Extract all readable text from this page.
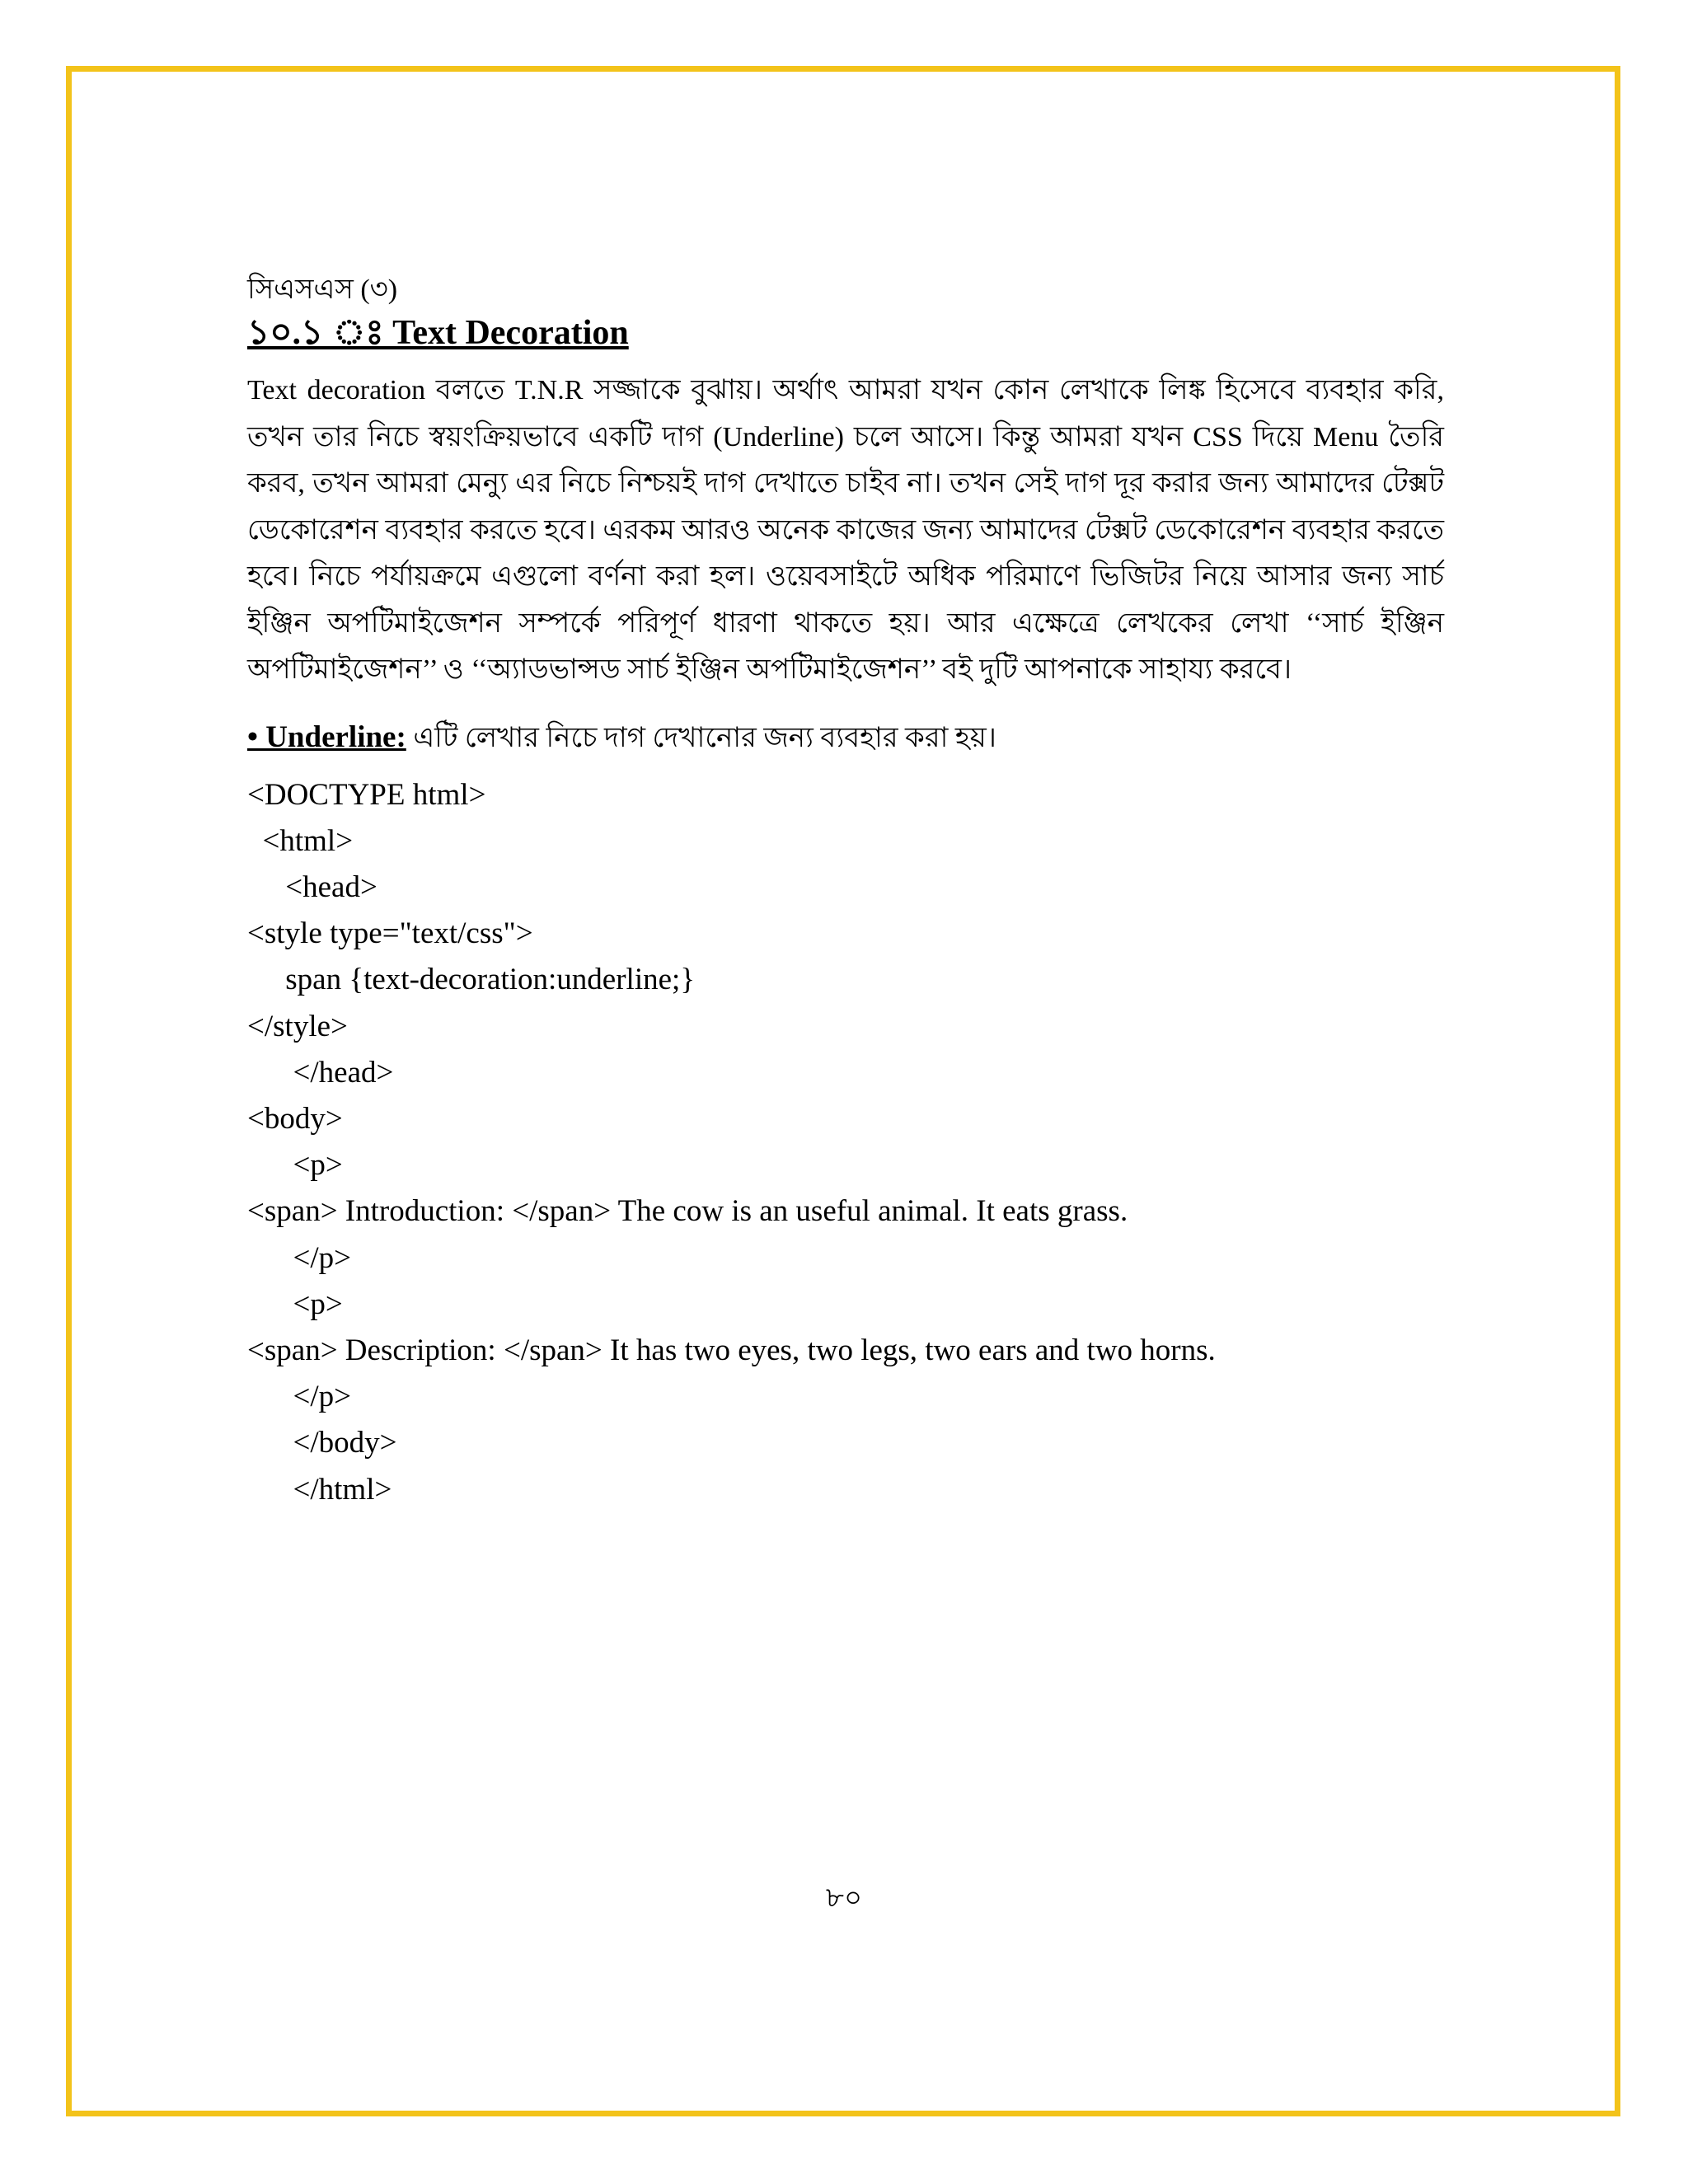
সিএসএস (৩)

১০.১ ঃ Text Decoration

Text decoration বলতে T.N.R সজ্জাকে বুঝায়। অর্থাৎ আমরা যখন কোন লেখাকে লিঙ্ক হিসেবে ব্যবহার করি, তখন তার নিচে স্বয়ংক্রিয়ভাবে একটি দাগ (Underline) চলে আসে। কিন্তু আমরা যখন CSS দিয়ে Menu তৈরি করব, তখন আমরা মেন্যু এর নিচে নিশ্চয়ই দাগ দেখাতে চাইব না। তখন সেই দাগ দূর করার জন্য আমাদের টেক্সট ডেকোরেশন ব্যবহার করতে হবে। এরকম আরও অনেক কাজের জন্য আমাদের টেক্সট ডেকোরেশন ব্যবহার করতে হবে। নিচে পর্যায়ক্রমে এগুলো বর্ণনা করা হল। ওয়েবসাইটে অধিক পরিমাণে ভিজিটর নিয়ে আসার জন্য সার্চ ইঞ্জিন অপটিমাইজেশন সম্পর্কে পরিপূর্ণ ধারণা থাকতে হয়। আর এক্ষেত্রে লেখকের লেখা ‘‘সার্চ ইঞ্জিন অপটিমাইজেশন’’ ও ‘‘অ্যাডভান্সড সার্চ ইঞ্জিন অপটিমাইজেশন’’ বই দুটি আপনাকে সাহায্য করবে।

• Underline: এটি লেখার নিচে দাগ দেখানোর জন্য ব্যবহার করা হয়।

<DOCTYPE html>

<html>

<head>

<style type="text/css">

span {text-decoration:underline;}

</style>

</head>

<body>

<p>

<span> Introduction: </span> The cow is an useful animal. It eats grass.

</p>

<p>

<span> Description: </span> It has two eyes, two legs, two ears and two horns.

</p>

</body>

</html>

৮০
